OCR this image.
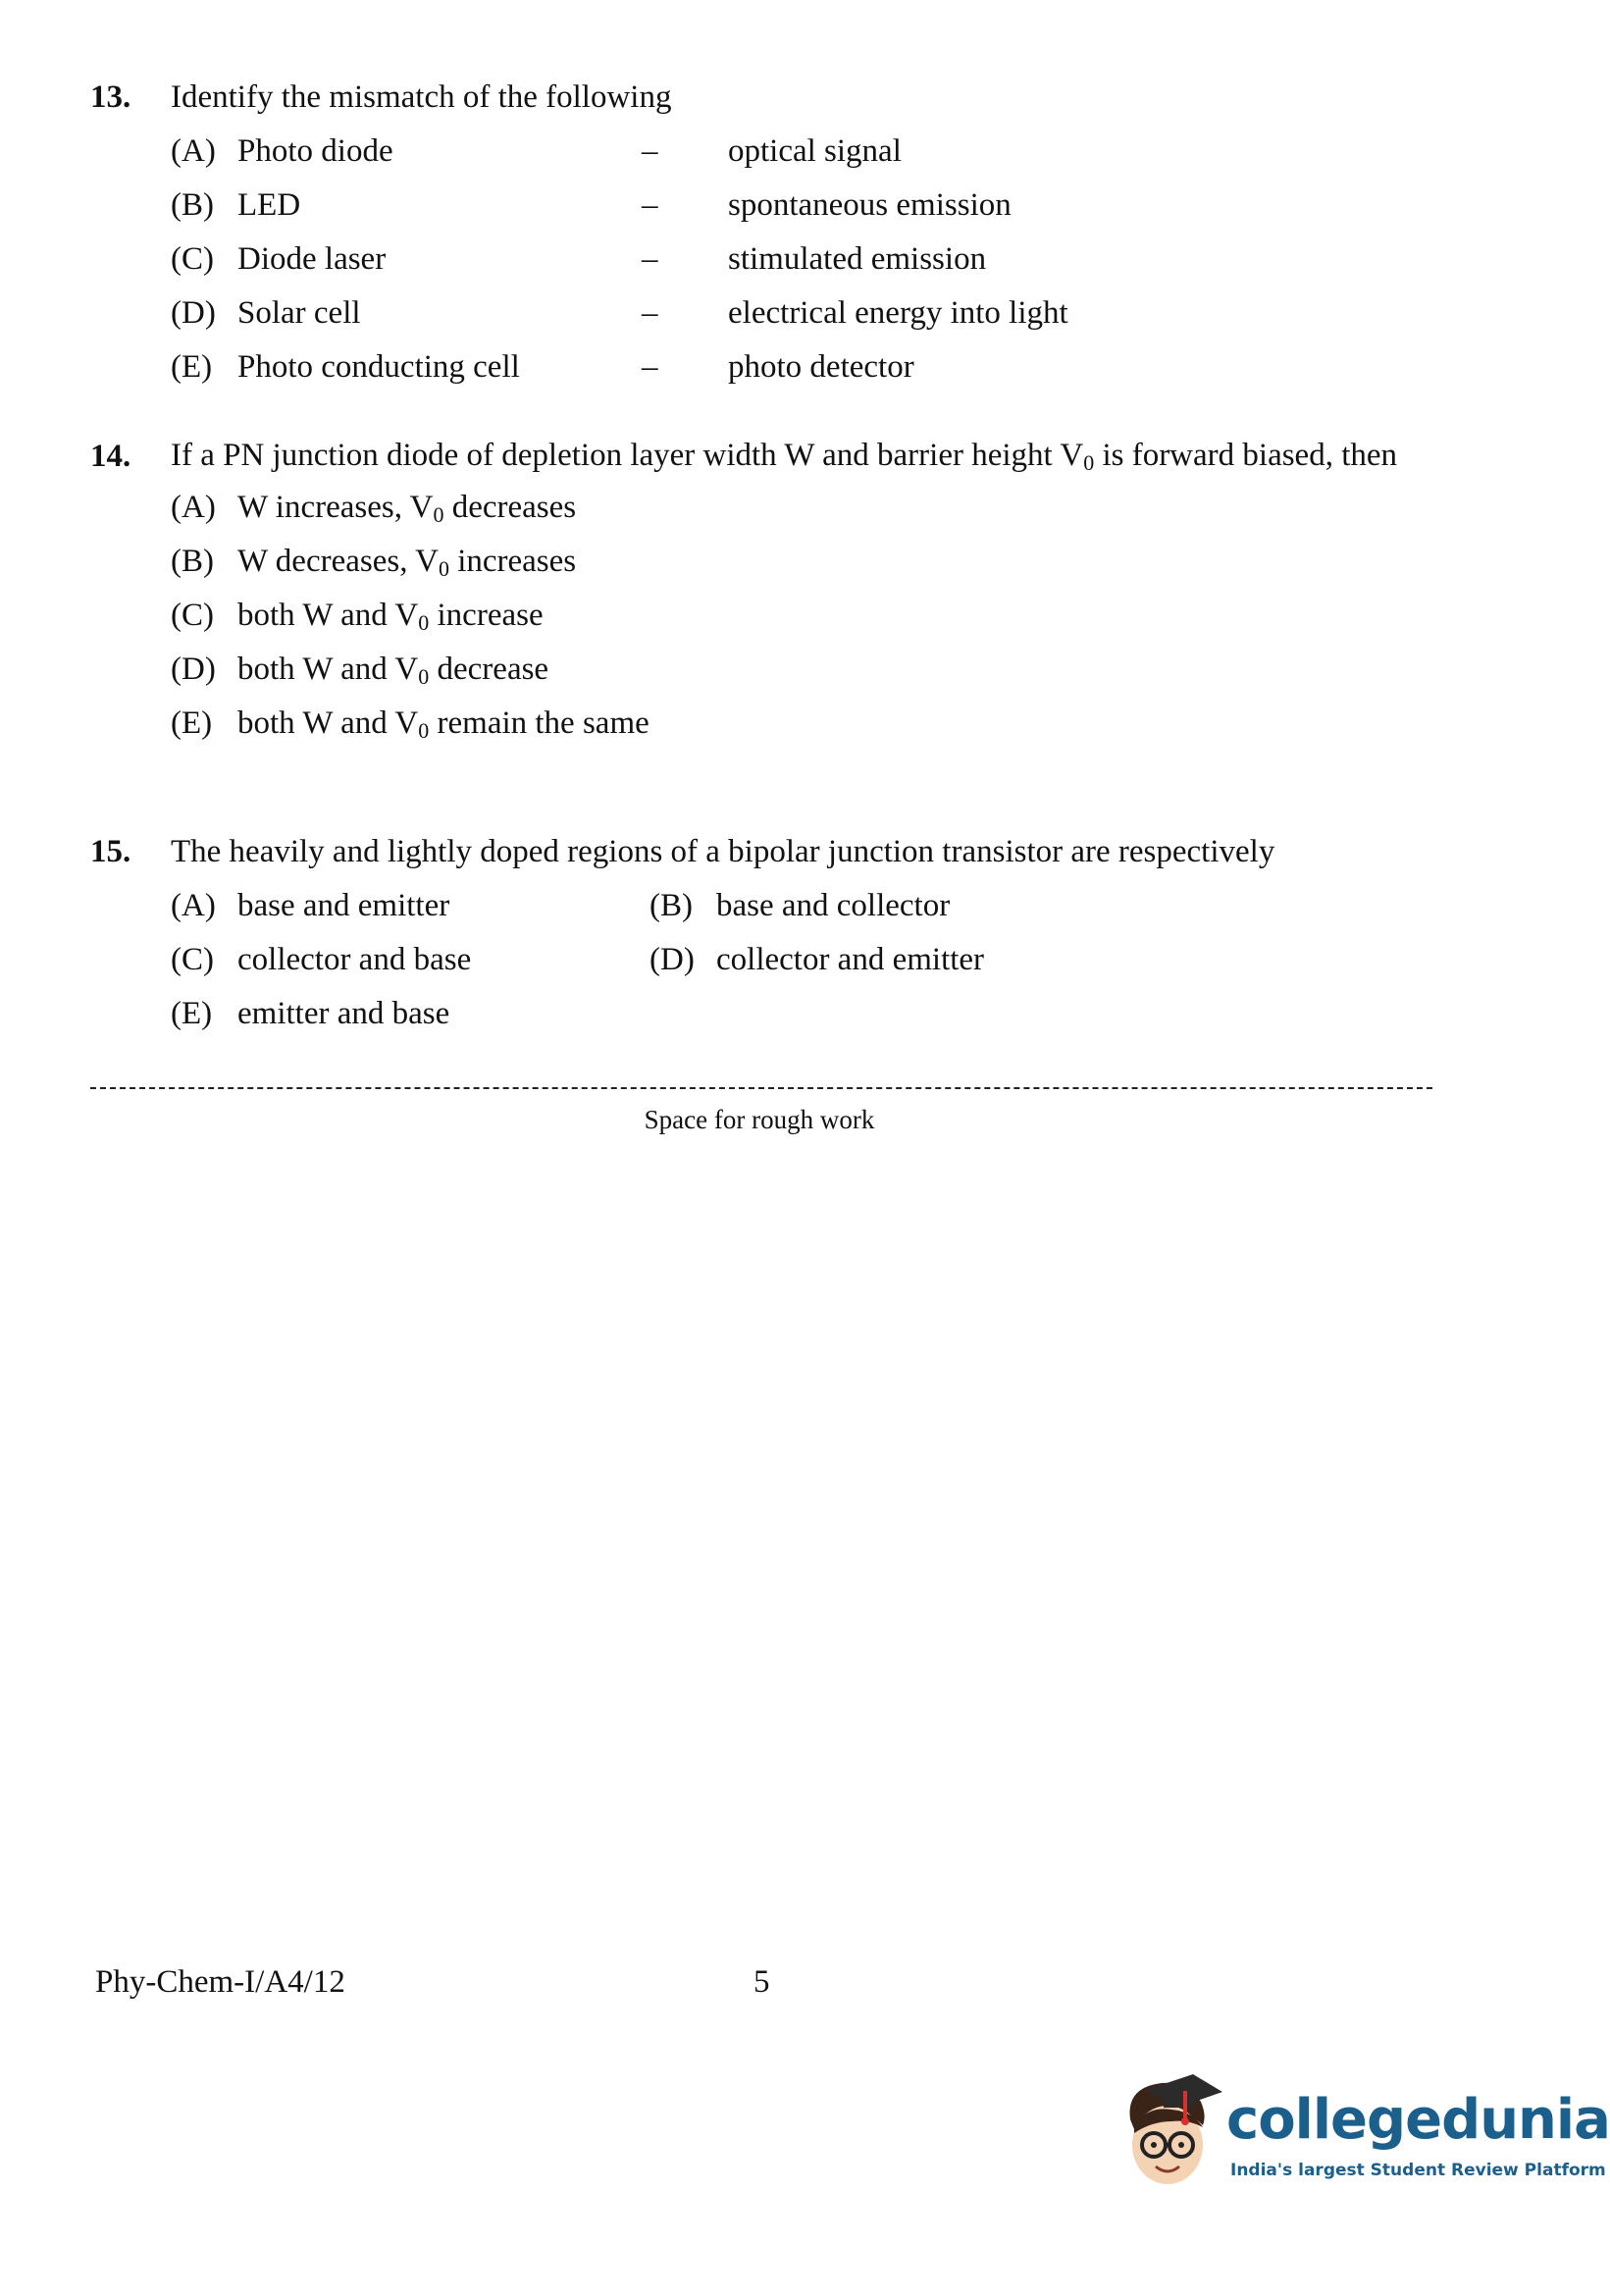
13. Identify the mismatch of the following
(A) Photo diode	– optical signal
(B) LED	– spontaneous emission
(C) Diode laser	– stimulated emission
(D) Solar cell	– electrical energy into light
(E) Photo conducting cell	– photo detector
14. If a PN junction diode of depletion layer width W and barrier height $V_0$ is forward biased, then
(A) W increases, $V_0$ decreases
(B) W decreases, $V_0$ increases
(C) both W and $V_0$ increase
(D) both W and $V_0$ decrease
(E) both W and $V_0$ remain the same
15. The heavily and lightly doped regions of a bipolar junction transistor are respectively
(A) base and emitter	(B) base and collector
(C) collector and base	(D) collector and emitter
(E) emitter and base
Space for rough work
Phy-Chem-I/A4/12	5
collegedunia
India's largest Student Review Platform
